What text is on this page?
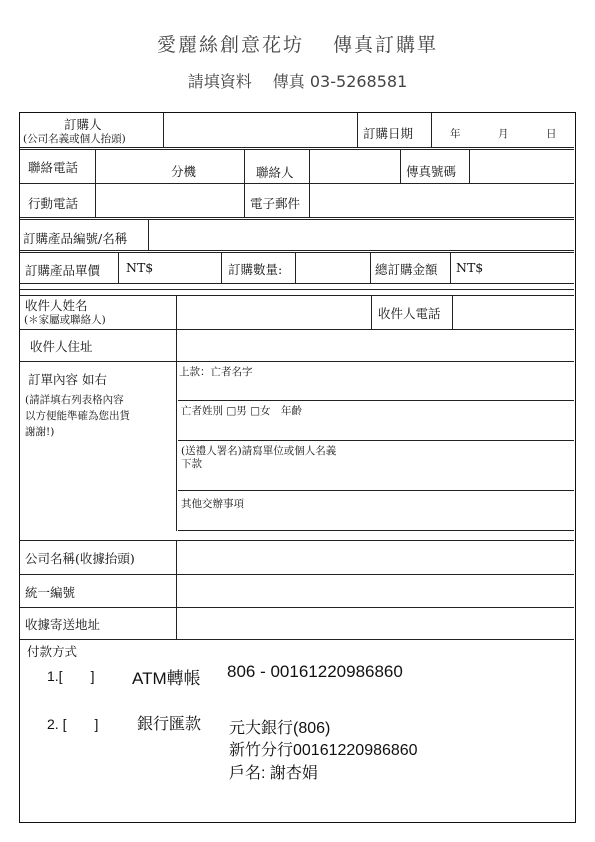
愛麗絲創意花坊　 傳真訂購單
請填資料　 傳真 03-5268581
訂購人
(公司名義或個人抬頭)	訂購日期	年	月	日
聯絡電話	分機	聯絡人	傳真號碼
行動電話	電子郵件
訂購產品編號/名稱
訂購產品單價 NT$	訂購數量:	總訂購金額 NT$
收件人姓名
(＊家屬或聯絡人)	收件人電話
收件人住址
訂單內容 如右
(請詳填右列表格內容
以方便能準確為您出貨
謝謝!)
上款：亡者名字
亡者姓別 □男 □女　年齡
(送禮人署名)請寫單位或個人名義
下款
其他交辦事項
公司名稱(收據抬頭)
統一編號
收據寄送地址
付款方式
1.[　　] ATM轉帳 806 - 00161220986860
2. [　　] 銀行匯款 元大銀行(806)
新竹分行00161220986860
戶名: 謝杏娟
